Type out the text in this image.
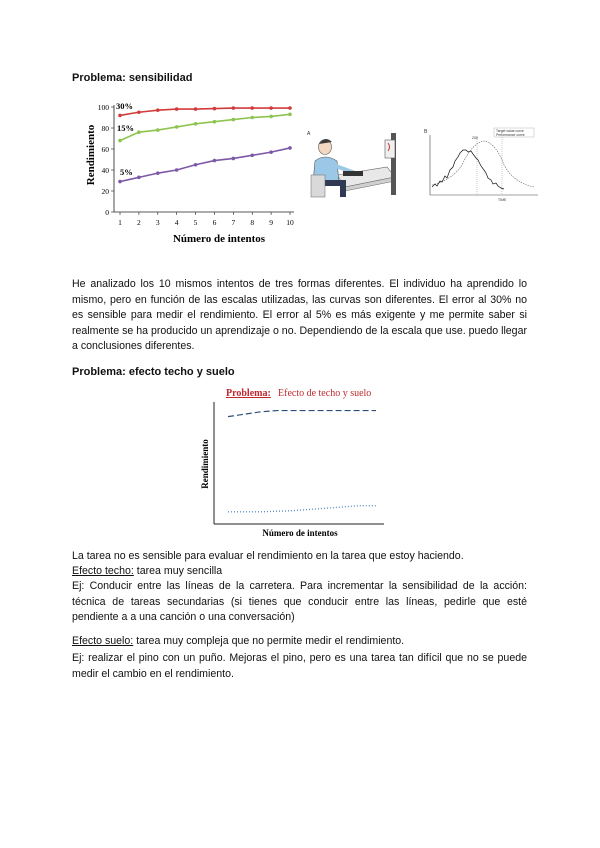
Problema: sensibilidad
0
20
40
60
80
100
1 2 3 4 5 6 7 8 9 10
Número de intentos
Rendimiento
30%
15%
5%
A	B	Target value curve
Performance curve
200
TIME
He analizado los 10 mismos intentos de tres formas diferentes. El individuo ha aprendido lo mismo, pero en función de las escalas utilizadas, las curvas son diferentes. El error al 30% no es sensible para medir el rendimiento. El error al 5% es más exigente y me permite saber si realmente se ha producido un aprendizaje o no. Dependiendo de la escala que use. puedo llegar a conclusiones diferentes.
Problema: efecto techo y suelo
Problema: Efecto de techo y suelo
Rendimiento
Número de intentos
La tarea no es sensible para evaluar el rendimiento en la tarea que estoy haciendo.
Efecto techo: tarea muy sencilla
Ej: Conducir entre las líneas de la carretera. Para incrementar la sensibilidad de la acción: técnica de tareas secundarias (si tienes que conducir entre las líneas, pedirle que esté pendiente a a una canción o una conversación)
Efecto suelo: tarea muy compleja que no permite medir el rendimiento.
Ej: realizar el pino con un puño. Mejoras el pino, pero es una tarea tan difícil que no se puede medir el cambio en el rendimiento.
